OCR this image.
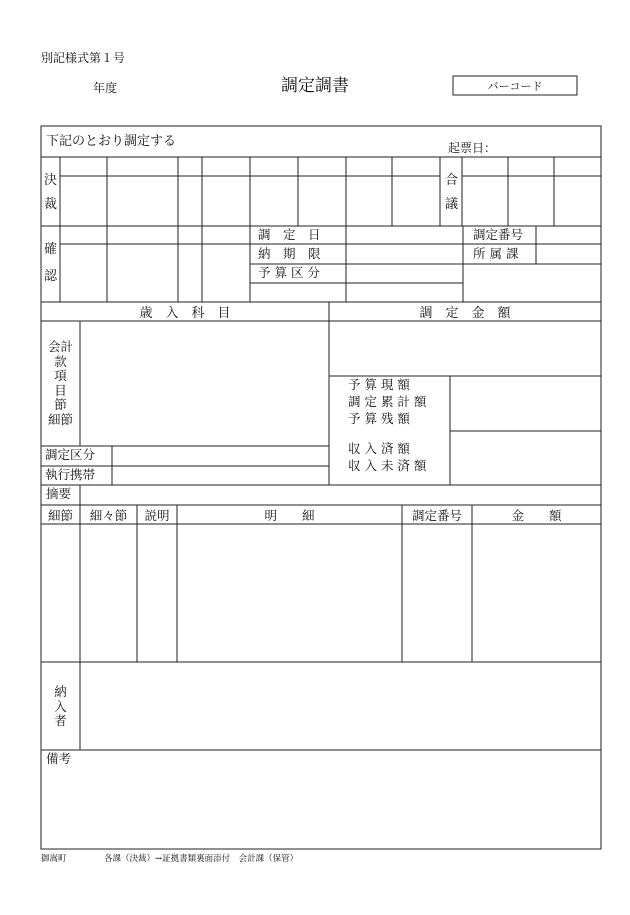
別記様式第１号
年度	調定調書	バーコード
下記のとおり調定する	起票日：
決
裁
合
議
確
認
調　定　日
納　期　限
予 算 区 分
調定番号
所 属 課
歳　入　科　目	調　定　金　額
会計
款
項
目
節
細節
予 算 現 額
調 定 累 計 額
予 算 残 額
収 入 済 額
収 入 未 済 額
調定区分
執行携帯
摘要
細節	細々節	説明	明　　細	調定番号	金　　額
納
入
者
備考
御嵩町	各課（決裁）→証拠書類裏面添付　会計課（保管）
